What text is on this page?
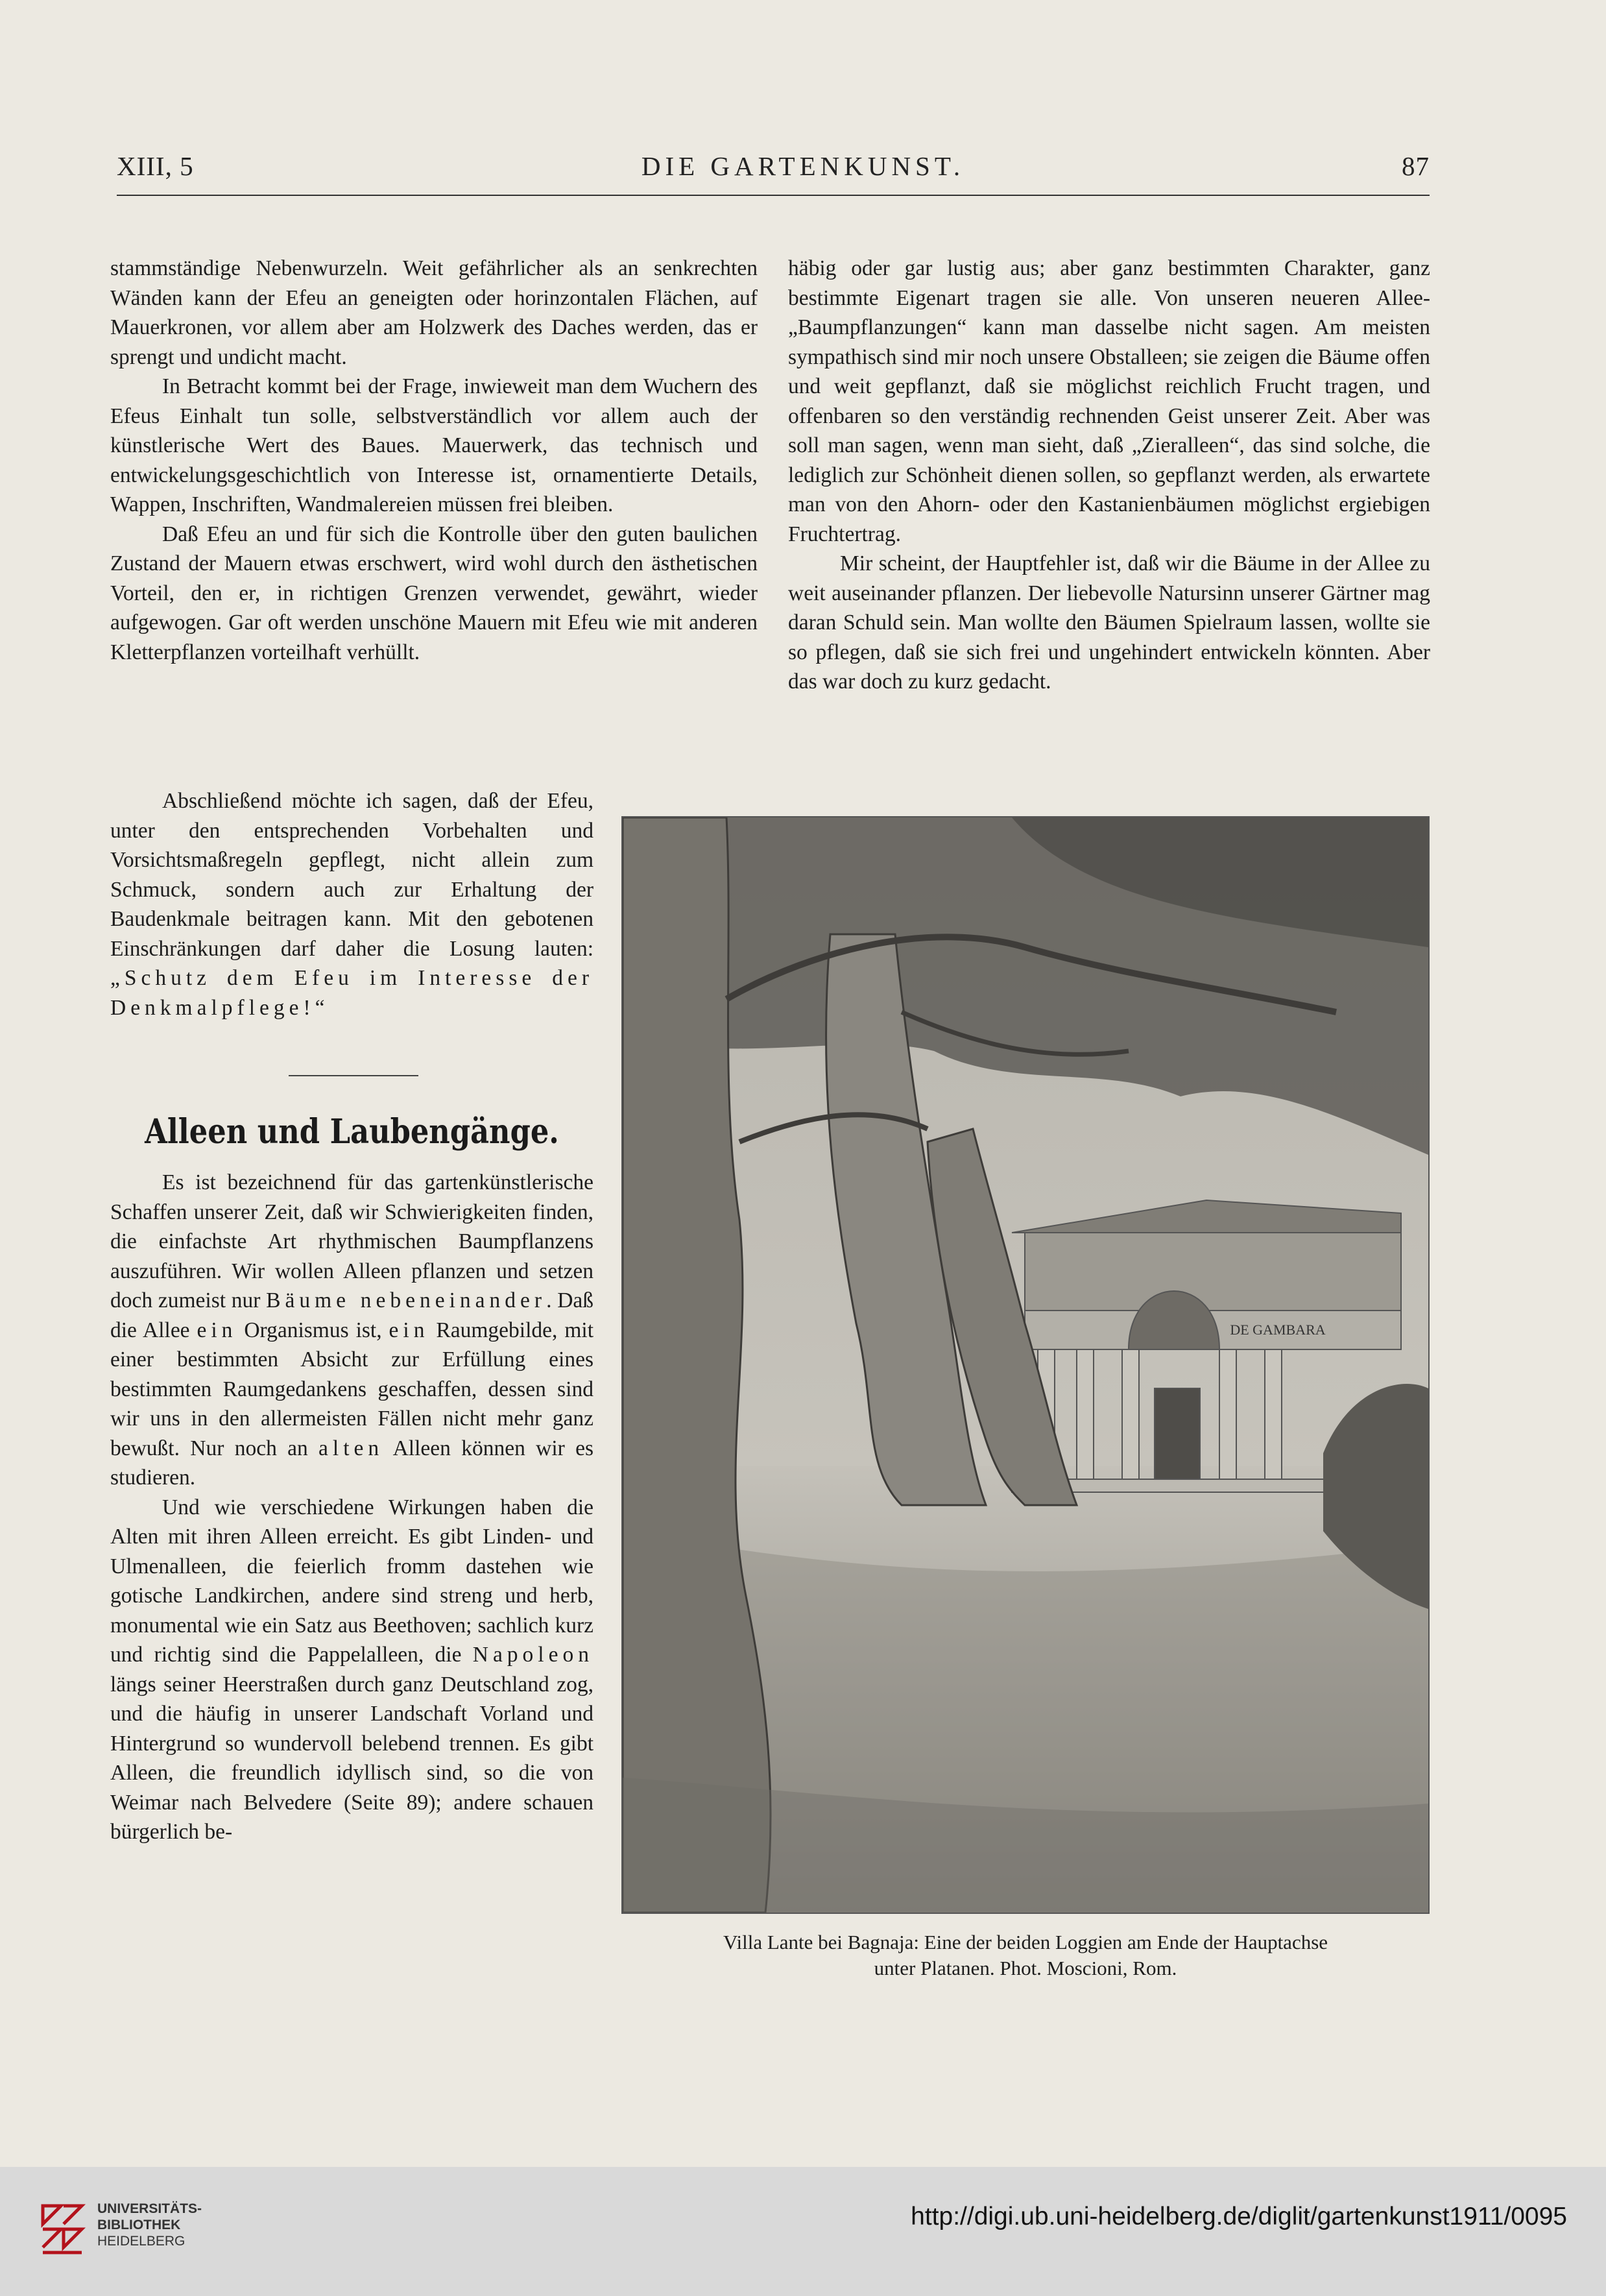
XIII, 5	DIE GARTENKUNST.	87

stammständige Nebenwurzeln. Weit gefährlicher als an senkrechten Wänden kann der Efeu an geneigten oder horinzontalen Flächen, auf Mauerkronen, vor allem aber am Holzwerk des Daches werden, das er sprengt und undicht macht.

In Betracht kommt bei der Frage, inwieweit man dem Wuchern des Efeus Einhalt tun solle, selbstverständlich vor allem auch der künstlerische Wert des Baues. Mauerwerk, das technisch und entwickelungsgeschichtlich von Interesse ist, ornamentierte Details, Wappen, Inschriften, Wandmalereien müssen frei bleiben.

Daß Efeu an und für sich die Kontrolle über den guten baulichen Zustand der Mauern etwas erschwert, wird wohl durch den ästhetischen Vorteil, den er, in richtigen Grenzen verwendet, gewährt, wieder aufgewogen. Gar oft werden unschöne Mauern mit Efeu wie mit anderen Kletterpflanzen vorteilhaft verhüllt.

Abschließend möchte ich sagen, daß der Efeu, unter den entsprechenden Vorbehalten und Vorsichtsmaßregeln gepflegt, nicht allein zum Schmuck, sondern auch zur Erhaltung der Baudenkmale beitragen kann. Mit den gebotenen Einschränkungen darf daher die Losung lauten: „Schutz dem Efeu im Interesse der Denkmalpflege!“

Alleen und Laubengänge.

Es ist bezeichnend für das gartenkünstlerische Schaffen unserer Zeit, daß wir Schwierigkeiten finden, die einfachste Art rhythmischen Baumpflanzens auszuführen. Wir wollen Alleen pflanzen und setzen doch zumeist nur Bäume nebeneinander. Daß die Allee ein Organismus ist, ein Raumgebilde, mit einer bestimmten Absicht zur Erfüllung eines bestimmten Raumgedankens geschaffen, dessen sind wir uns in den allermeisten Fällen nicht mehr ganz bewußt. Nur noch an alten Alleen können wir es studieren.

Und wie verschiedene Wirkungen haben die Alten mit ihren Alleen erreicht. Es gibt Linden- und Ulmenalleen, die feierlich fromm dastehen wie gotische Landkirchen, andere sind streng und herb, monumental wie ein Satz aus Beethoven; sachlich kurz und richtig sind die Pappelalleen, die Napoleon längs seiner Heerstraßen durch ganz Deutschland zog, und die häufig in unserer Landschaft Vorland und Hintergrund so wundervoll belebend trennen. Es gibt Alleen, die freundlich idyllisch sind, so die von Weimar nach Belvedere (Seite 89); andere schauen bürgerlich be-

häbig oder gar lustig aus; aber ganz bestimmten Charakter, ganz bestimmte Eigenart tragen sie alle. Von unseren neueren Allee-„Baumpflanzungen“ kann man dasselbe nicht sagen. Am meisten sympathisch sind mir noch unsere Obstalleen; sie zeigen die Bäume offen und weit gepflanzt, daß sie möglichst reichlich Frucht tragen, und offenbaren so den verständig rechnenden Geist unserer Zeit. Aber was soll man sagen, wenn man sieht, daß „Zieralleen“, das sind solche, die lediglich zur Schönheit dienen sollen, so gepflanzt werden, als erwartete man von den Ahorn- oder den Kastanienbäumen möglichst ergiebigen Fruchtertrag.

Mir scheint, der Hauptfehler ist, daß wir die Bäume in der Allee zu weit auseinander pflanzen. Der liebevolle Natursinn unserer Gärtner mag daran Schuld sein. Man wollte den Bäumen Spielraum lassen, wollte sie so pflegen, daß sie sich frei und ungehindert entwickeln könnten. Aber das war doch zu kurz gedacht.

DE GAMBARA
Villa Lante bei Bagnaja: Eine der beiden Loggien am Ende der Hauptachse
unter Platanen. Phot. Moscioni, Rom.
UNIVERSITÄTS-
BIBLIOTHEK
HEIDELBERG
http://digi.ub.uni-heidelberg.de/diglit/gartenkunst1911/0095
